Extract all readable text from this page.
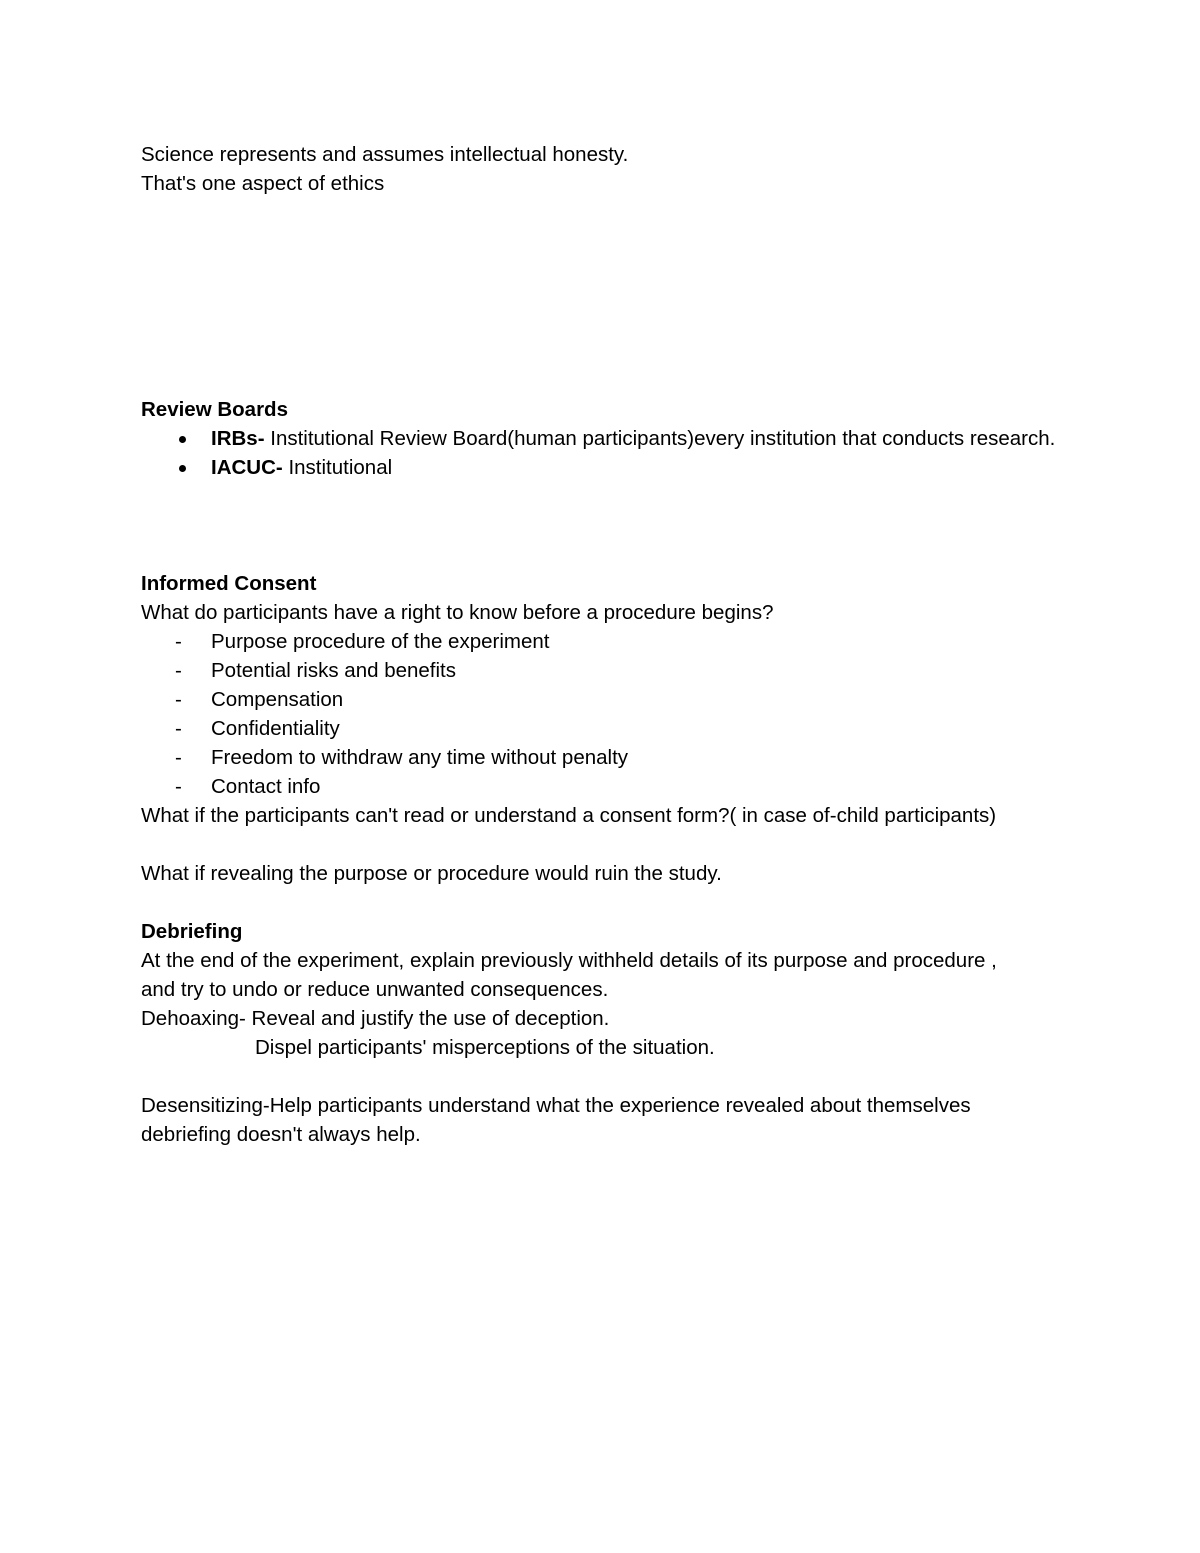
Science represents and assumes intellectual honesty.

That's one aspect of ethics

Review Boards

IRBs- Institutional Review Board(human participants)every institution that conducts research.
IACUC- Institutional

Informed Consent

What do participants have a right to know before a procedure begins?

- Purpose procedure of the experiment
- Potential risks and benefits
- Compensation
- Confidentiality
- Freedom to withdraw any time without penalty
- Contact info

What if the participants can't read or understand a consent form?( in case of-child participants)

What if revealing the purpose or procedure would ruin the study.

Debriefing

At the end of the experiment, explain previously withheld details of its purpose and procedure ,

and try to undo or reduce unwanted consequences.

Dehoaxing- Reveal and justify the use of deception.

Dispel participants' misperceptions of the situation.

Desensitizing-Help participants understand what the experience revealed about themselves

debriefing doesn't always help.
